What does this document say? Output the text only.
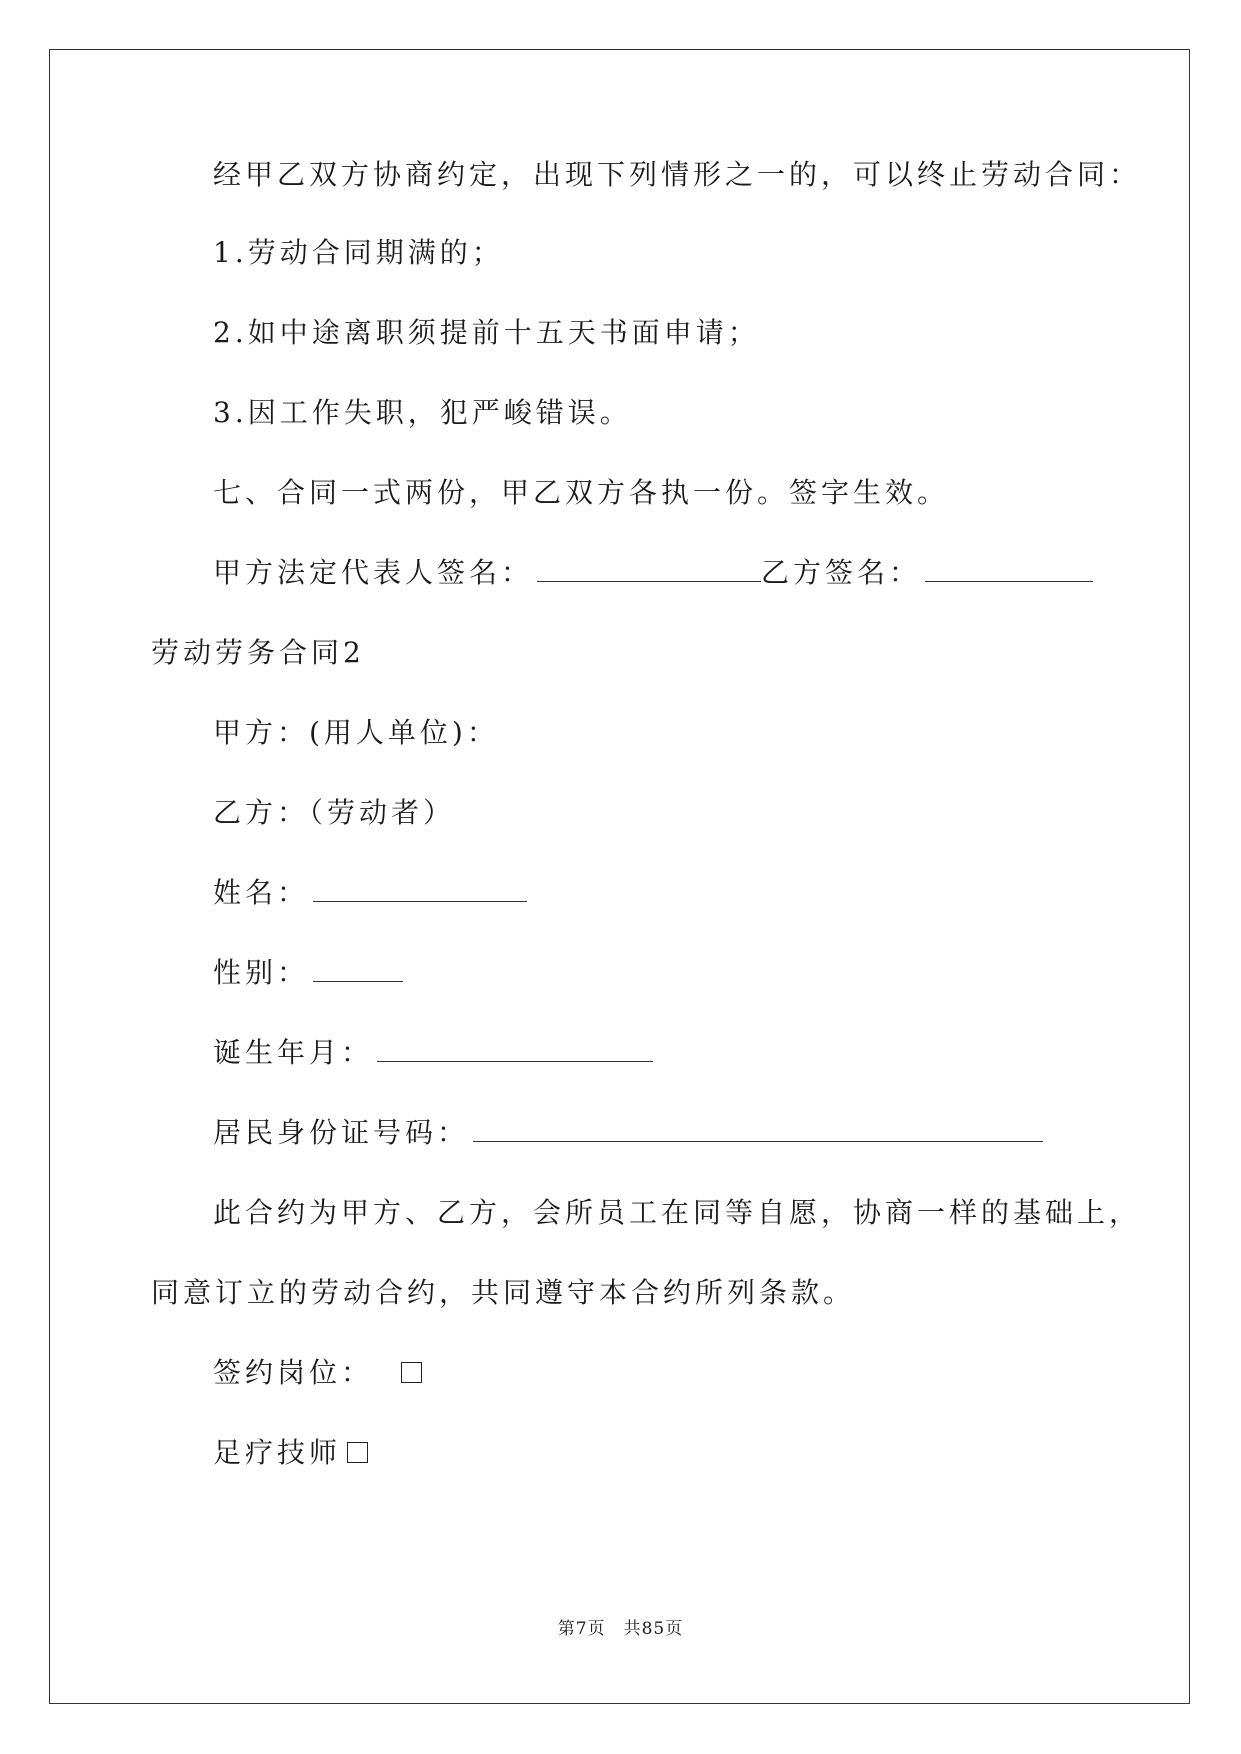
经甲乙双方协商约定，出现下列情形之一的，可以终止劳动合同：
1.劳动合同期满的；
2.如中途离职须提前十五天书面申请；
3.因工作失职，犯严峻错误。
七、合同一式两份，甲乙双方各执一份。签字生效。
甲方法定代表人签名：	乙方签名：
劳动劳务合同2
甲方：(用人单位)：
乙方：（劳动者）
姓名：
性别：
诞生年月：
居民身份证号码：
此合约为甲方、乙方，会所员工在同等自愿，协商一样的基础上，
同意订立的劳动合约，共同遵守本合约所列条款。
签约岗位：
足疗技师
第7页　共85页
